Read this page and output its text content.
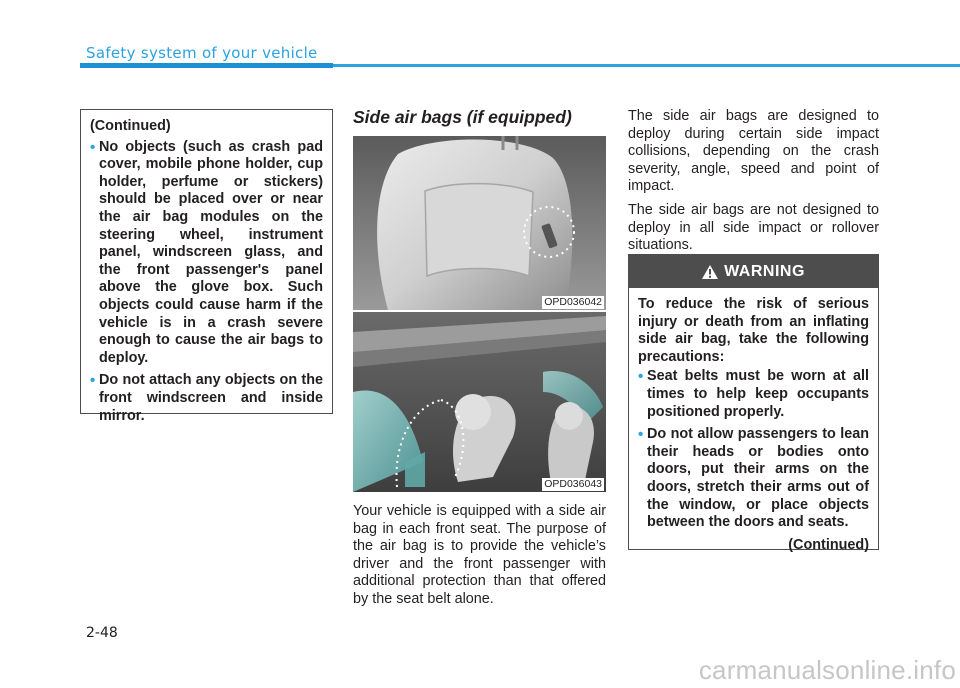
Safety system of your vehicle
(Continued)
• No objects (such as crash pad cover, mobile phone holder, cup holder, perfume or stickers) should be placed over or near the air bag modules on the steering wheel, instrument panel, windscreen glass, and the front passenger's panel above the glove box. Such objects could cause harm if the vehicle is in a crash severe enough to cause the air bags to deploy.
• Do not attach any objects on the front windscreen and inside mirror.
Side air bags (if equipped)
OPD036042
OPD036043

Your vehicle is equipped with a side air bag in each front seat. The purpose of the air bag is to provide the vehicle’s driver and the front passenger with additional protection than that offered by the seat belt alone.

The side air bags are designed to deploy during certain side impact collisions, depending on the crash severity, angle, speed and point of impact.

The side air bags are not designed to deploy in all side impact or rollover situations.

WARNING
To reduce the risk of serious injury or death from an inflating side air bag, take the following precautions:
• Seat belts must be worn at all times to help keep occupants positioned properly.
• Do not allow passengers to lean their heads or bodies onto doors, put their arms on the doors, stretch their arms out of the window, or place objects between the doors and seats.
(Continued)
2-48
carmanualsonline.info
